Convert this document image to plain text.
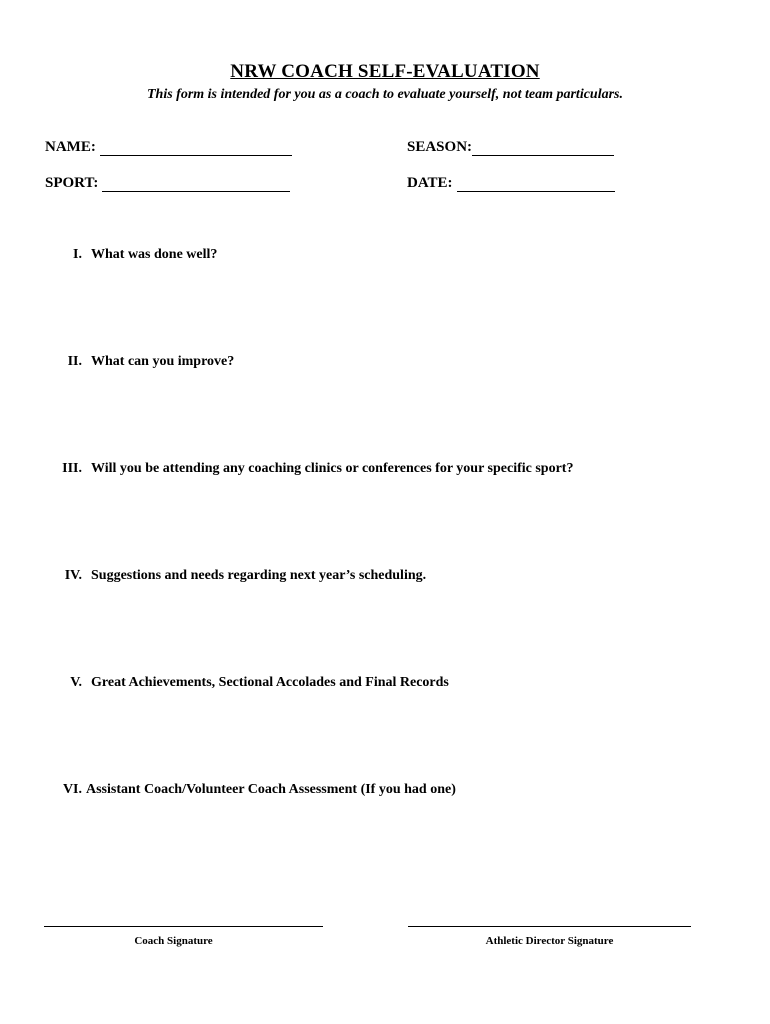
NRW COACH SELF-EVALUATION
This form is intended for you as a coach to evaluate yourself, not team particulars.
NAME:	SEASON:
SPORT:	DATE:
I. What was done well?
II. What can you improve?
III. Will you be attending any coaching clinics or conferences for your specific sport?
IV. Suggestions and needs regarding next year’s scheduling.
V. Great Achievements, Sectional Accolades and Final Records
VI. Assistant Coach/Volunteer Coach Assessment (If you had one)
Coach Signature	Athletic Director Signature
